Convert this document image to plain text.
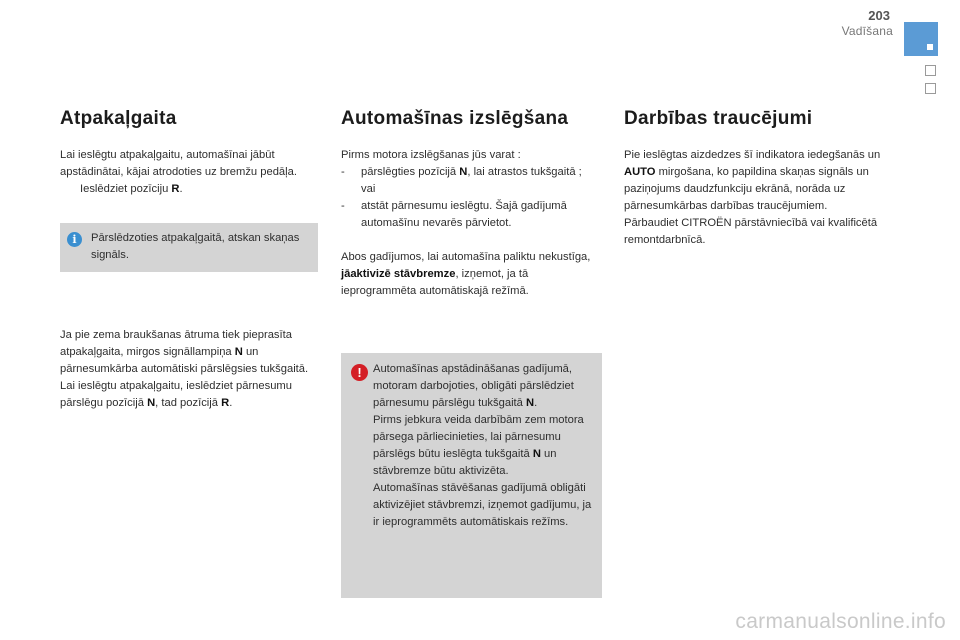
203
Vadīšana
Atpakaļgaita

Lai ieslēgtu atpakaļgaitu, automašīnai jābūt apstādinātai, kājai atrodoties uz bremžu pedāļa.

Ieslēdziet pozīciju R.

Ja pie zema braukšanas ātruma tiek pieprasīta atpakaļgaita, mirgos signāllampiņa N un pārnesumkārba automātiski pārslēgsies tukšgaitā. Lai ieslēgtu atpakaļgaitu, ieslēdziet pārnesumu pārslēgu pozīcijā N, tad pozīcijā R.

i	Pārslēdzoties atpakaļgaitā, atskan skaņas signāls.

Automašīnas izslēgšana

Pirms motora izslēgšanas jūs varat :

- pārslēgties pozīcijā N, lai atrastos tukšgaitā ;
vai
- atstāt pārnesumu ieslēgtu. Šajā gadījumā automašīnu nevarēs pārvietot.

Abos gadījumos, lai automašīna paliktu nekustīga, jāaktivizē stāvbremze, izņemot, ja tā ieprogrammēta automātiskajā režīmā.

!	Automašīnas apstādināšanas gadījumā, motoram darbojoties, obligāti pārslēdziet pārnesumu pārslēgu tukšgaitā N.
Pirms jebkura veida darbībām zem motora pārsega pārliecinieties, lai pārnesumu pārslēgs būtu ieslēgta tukšgaitā N un stāvbremze būtu aktivizēta.
Automašīnas stāvēšanas gadījumā obligāti aktivizējiet stāvbremzi, izņemot gadījumu, ja ir ieprogrammēts automātiskais režīms.

Darbības traucējumi

Pie ieslēgtas aizdedzes šī indikatora iedegšanās un AUTO mirgošana, ko papildina skaņas signāls un paziņojums daudzfunkciju ekrānā, norāda uz pārnesumkārbas darbības traucējumiem.
Pārbaudiet CITROËN pārstāvniecībā vai kvalificētā remontdarbnīcā.

carmanualsonline.info
